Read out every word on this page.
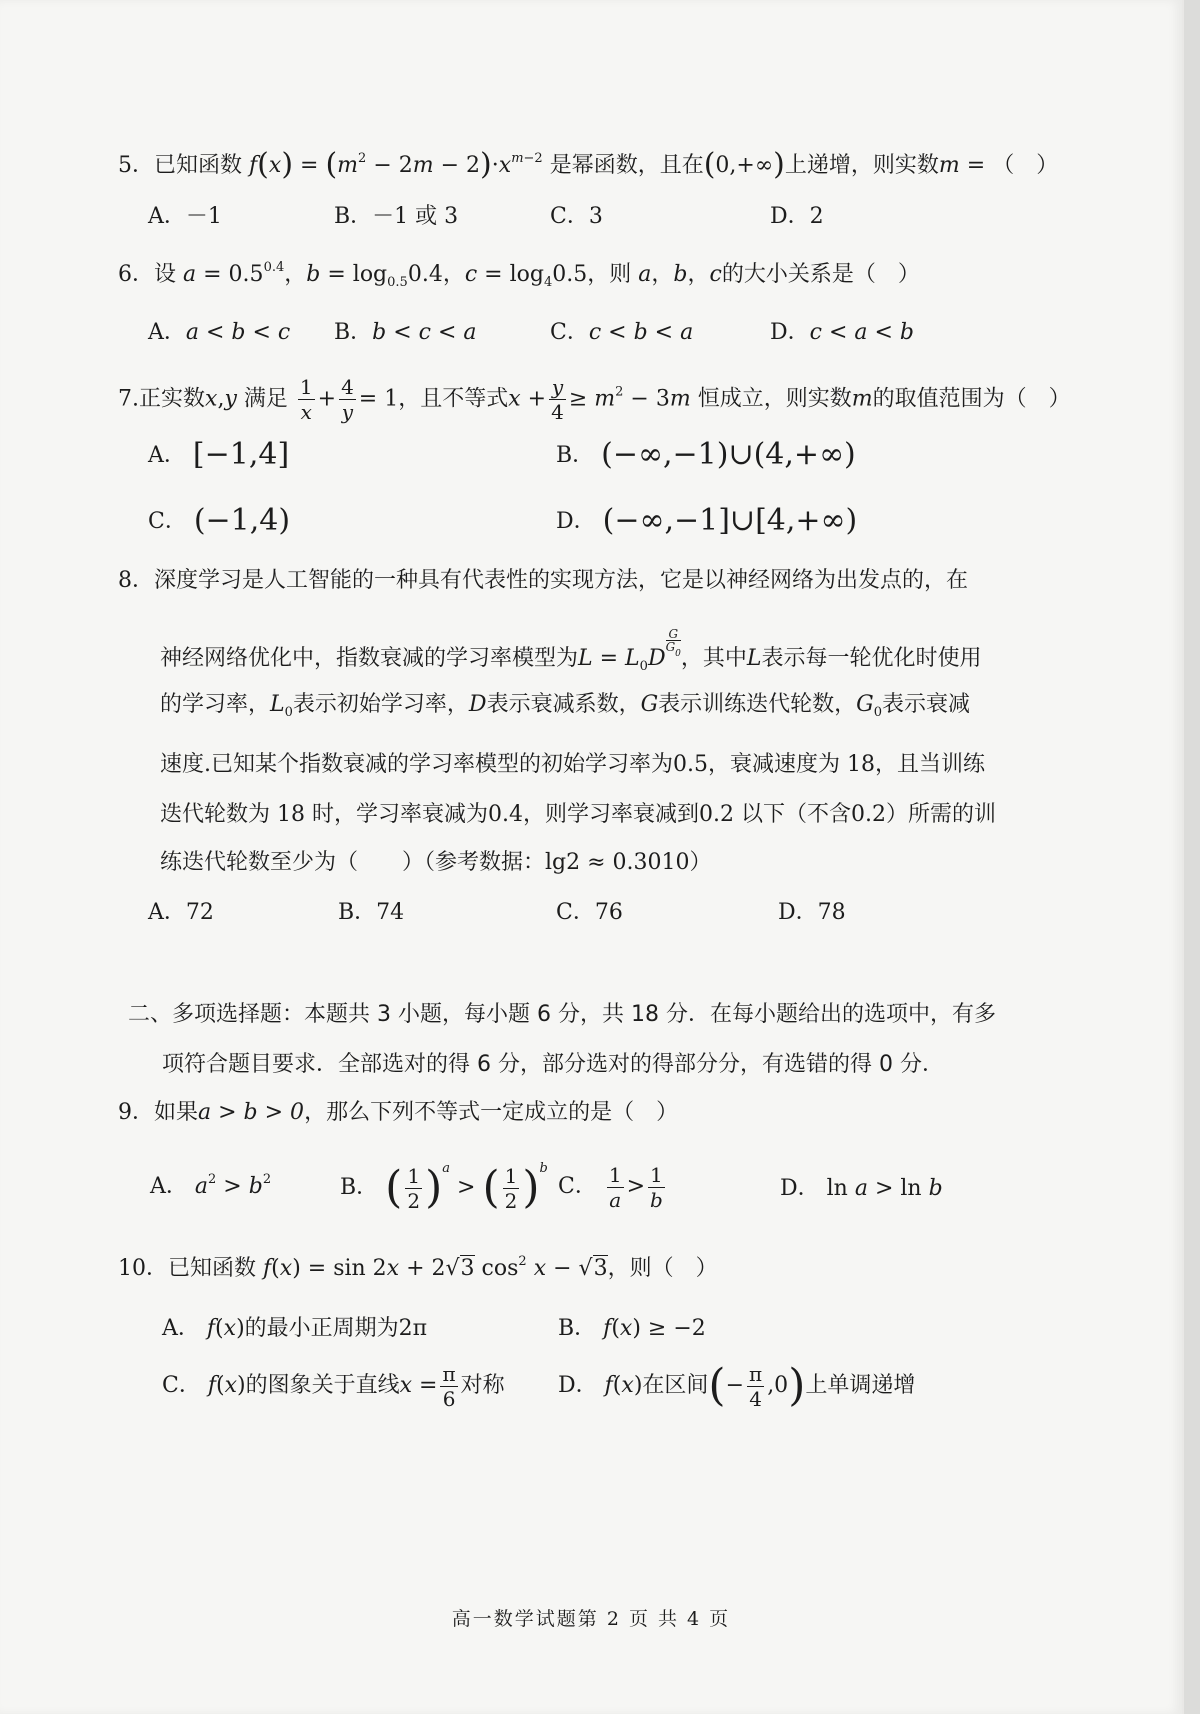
5．已知函数 $f(x) = (m^2 - 2m - 2)\cdot x^{m-2}$ 是幂函数，且在(0,+∞)上递增，则实数m = （　）
A．－1	B．－1 或 3	C．3	D．2
6．设 $a = 0.5^{0.4}$，$b = \log_{0.5}0.4$，$c = \log_40.5$，则 a，b，c的大小关系是（　）
A．a < b < c B．b < c < a	C．c < b < a	D．c < a < b
7.正实数x,y 满足 $\frac{1}{x} + \frac{4}{y} = 1$，且不等式$x + \frac{y}{4} \ge m^2 - 3m$ 恒成立，则实数m的取值范围为（　）
A． [−1,4]	B． (−∞,−1)∪(4,+∞)
C． (−1,4)	D． (−∞,−1]∪[4,+∞)
8．深度学习是人工智能的一种具有代表性的实现方法，它是以神经网络为出发点的，在
神经网络优化中，指数衰减的学习率模型为$L = L_0D$
$\frac{G}{G_0}$
，其中L表示每一轮优化时使用
的学习率，$L_0$表示初始学习率，D表示衰减系数，G表示训练迭代轮数，$G_0$表示衰减
速度.已知某个指数衰减的学习率模型的初始学习率为0.5，衰减速度为 18，且当训练
迭代轮数为 18 时，学习率衰减为0.4，则学习率衰减到0.2 以下（不含0.2）所需的训
练迭代轮数至少为（　　）（参考数据：lg2 ≈ 0.3010）
A．72	B．74	C．76	D．78
二、多项选择题：本题共 3 小题，每小题 6 分，共 18 分．在每小题给出的选项中，有多
项符合题目要求．全部选对的得 6 分，部分选对的得部分分，有选错的得 0 分．
9．如果a > b > 0，那么下列不等式一定成立的是（　）
A． $a^2 > b^2$	B． ( $\frac{1}{2} )^a$ > ( $\frac{1}{2} )^b$
C． $\frac{1}{a} > \frac{1}{b}$	D． ln a > ln b
10．已知函数 f(x) = sin 2x + 2√3 $\cos^2 x - √3$，则（　）
A． f(x)的最小正周期为2π	B． f(x) ≥ −2
C． f(x)的图象关于直线$x = \frac{\pi}{6}$ 对称 D． f(x)在区间(− $\frac{\pi}{4} ,0$)上单调递增
高一数学试题第 2 页 共 4 页
